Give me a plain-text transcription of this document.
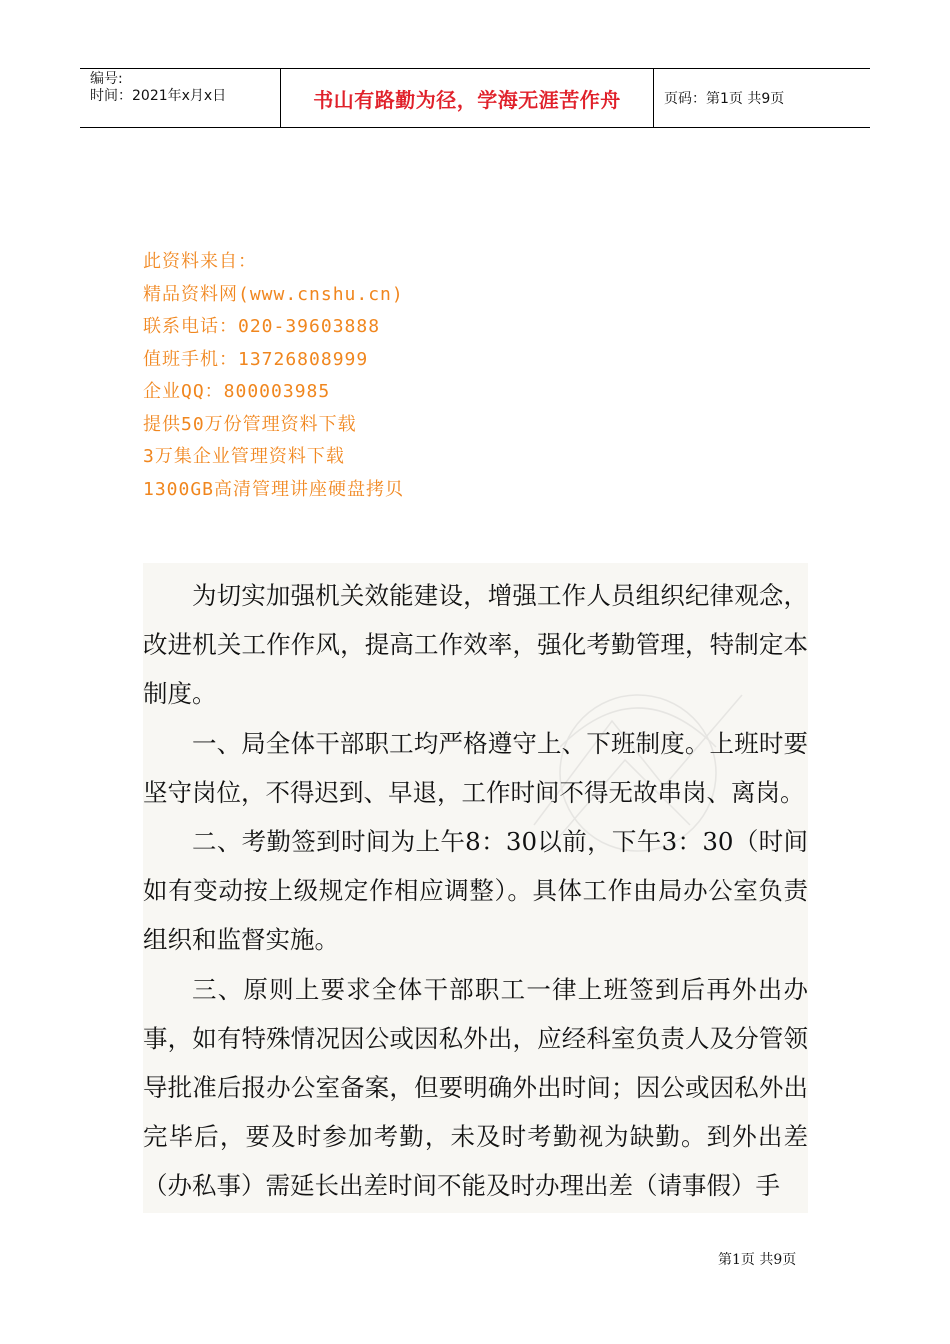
编号:
时间：2021年x月x日	书山有路勤为径，学海无涯苦作舟	页码：第1页 共9页
此资料来自：
精品资料网(www.cnshu.cn)
联系电话：020-39603888
值班手机：13726808999
企业QQ：800003985
提供50万份管理资料下载
3万集企业管理资料下载
1300GB高清管理讲座硬盘拷贝

为切实加强机关效能建设，增强工作人员组织纪律观念，改进机关工作作风，提高工作效率，强化考勤管理，特制定本制度。

一、局全体干部职工均严格遵守上、下班制度。上班时要坚守岗位，不得迟到、早退，工作时间不得无故串岗、离岗。

二、考勤签到时间为上午8：30以前，下午3：30（时间如有变动按上级规定作相应调整）。具体工作由局办公室负责组织和监督实施。

三、原则上要求全体干部职工一律上班签到后再外出办事，如有特殊情况因公或因私外出，应经科室负责人及分管领导批准后报办公室备案，但要明确外出时间；因公或因私外出完毕后，要及时参加考勤，未及时考勤视为缺勤。到外出差（办私事）需延长出差时间不能及时办理出差（请事假）手

第1页 共9页
